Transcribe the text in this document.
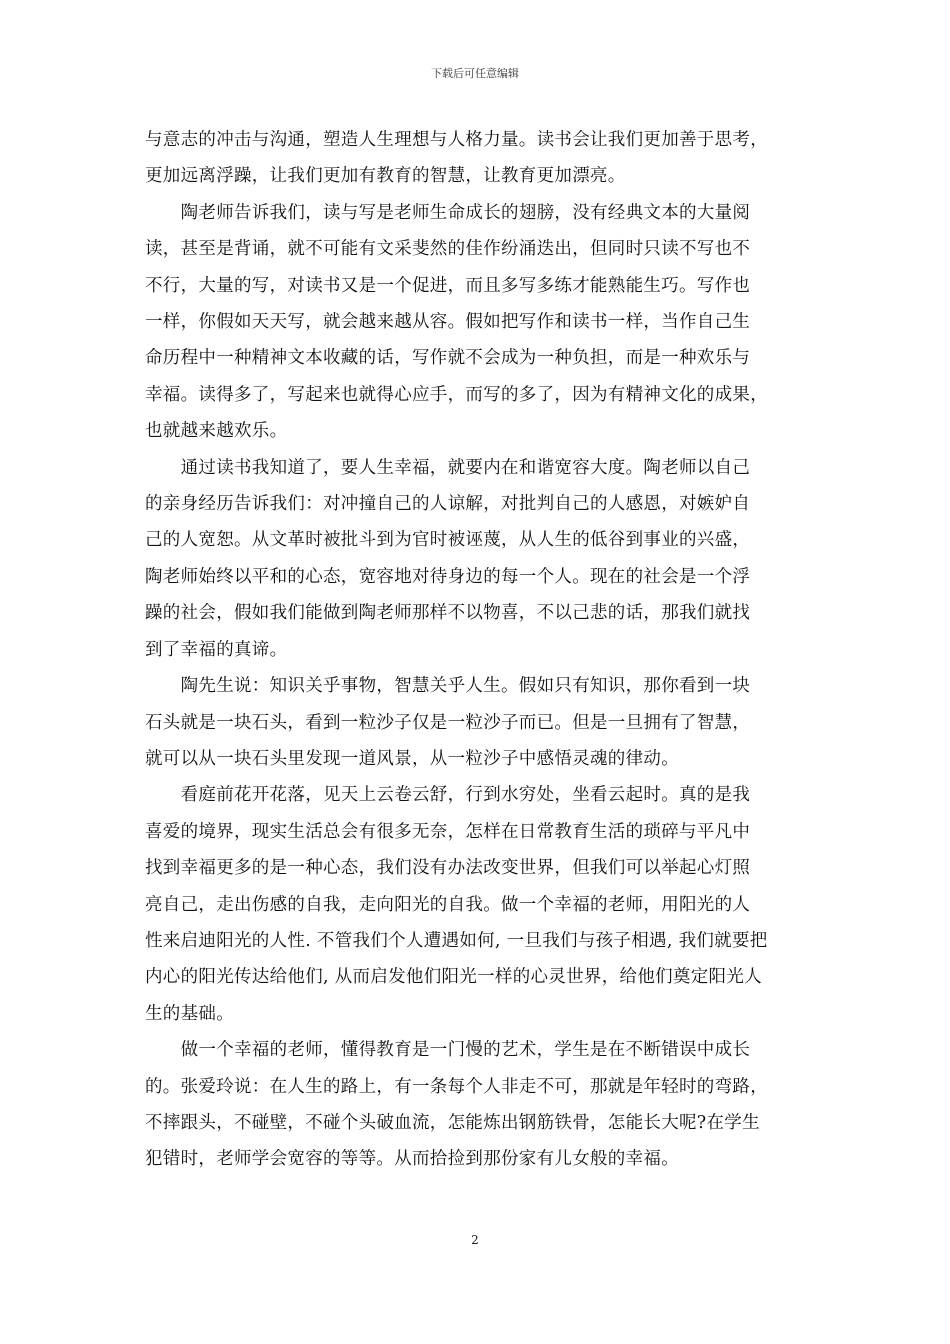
下载后可任意编辑

与意志的冲击与沟通，塑造人生理想与人格力量。读书会让我们更加善于思考，

更加远离浮躁，让我们更加有教育的智慧，让教育更加漂亮。

　　陶老师告诉我们，读与写是老师生命成长的翅膀，没有经典文本的大量阅

读，甚至是背诵，就不可能有文采斐然的佳作纷涌迭出，但同时只读不写也不

不行，大量的写，对读书又是一个促进，而且多写多练才能熟能生巧。写作也

一样，你假如天天写，就会越来越从容。假如把写作和读书一样，当作自己生

命历程中一种精神文本收藏的话，写作就不会成为一种负担，而是一种欢乐与

幸福。读得多了，写起来也就得心应手，而写的多了，因为有精神文化的成果，

也就越来越欢乐。

　　通过读书我知道了，要人生幸福，就要内在和谐宽容大度。陶老师以自己

的亲身经历告诉我们：对冲撞自己的人谅解，对批判自己的人感恩，对嫉妒自

己的人宽恕。从文革时被批斗到为官时被诬蔑，从人生的低谷到事业的兴盛，

陶老师始终以平和的心态，宽容地对待身边的每一个人。现在的社会是一个浮

躁的社会，假如我们能做到陶老师那样不以物喜，不以己悲的话，那我们就找

到了幸福的真谛。

　　陶先生说：知识关乎事物，智慧关乎人生。假如只有知识，那你看到一块

石头就是一块石头，看到一粒沙子仅是一粒沙子而已。但是一旦拥有了智慧，

就可以从一块石头里发现一道风景，从一粒沙子中感悟灵魂的律动。

　　看庭前花开花落，见天上云卷云舒，行到水穷处，坐看云起时。真的是我

喜爱的境界，现实生活总会有很多无奈，怎样在日常教育生活的琐碎与平凡中

找到幸福更多的是一种心态，我们没有办法改变世界，但我们可以举起心灯照

亮自己，走出伤感的自我，走向阳光的自我。做一个幸福的老师，用阳光的人

性来启迪阳光的人性. 不管我们个人遭遇如何, 一旦我们与孩子相遇, 我们就要把

内心的阳光传达给他们, 从而启发他们阳光一样的心灵世界，给他们奠定阳光人

生的基础。

　　做一个幸福的老师，懂得教育是一门慢的艺术，学生是在不断错误中成长

的。张爱玲说：在人生的路上，有一条每个人非走不可，那就是年轻时的弯路，

不摔跟头，不碰壁，不碰个头破血流，怎能炼出钢筋铁骨，怎能长大呢?在学生

犯错时，老师学会宽容的等等。从而拾捡到那份家有儿女般的幸福。

2
